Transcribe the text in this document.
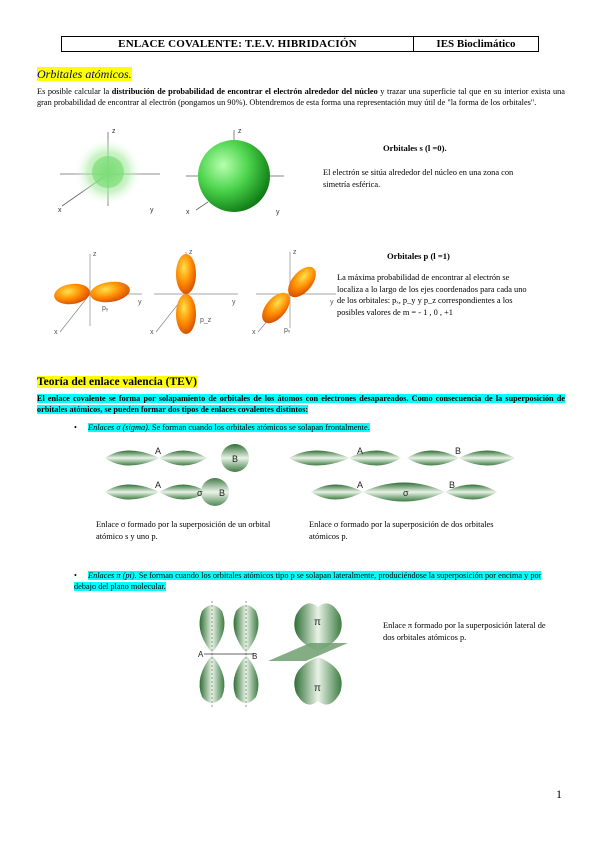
ENLACE COVALENTE: T.E.V. HIBRIDACIÓN	IES Bioclimático
Orbitales atómicos.
Es posible calcular la distribución de probabilidad de encontrar el electrón alrededor del núcleo y trazar una superficie tal que en su interior exista una gran probabilidad de encontrar al electrón (pongamos un 90%). Obtendremos de esta forma una representación muy útil de "la forma de los orbitales".
z
x	y
z
x	y
Orbitales s (l =0).
El electrón se sitúa alrededor del núcleo en una zona con simetría esférica.
z
x
y
pᵧ
z
x
y
p_z
z
x
y
pₓ
Orbitales p (l =1)
La máxima probabilidad de encontrar al electrón se localiza a lo largo de los ejes coordenados para cada uno de los orbitales: pₓ, p_y y p_z correspondientes a los posibles valores de m = - 1 , 0 , +1
Teoría del enlace valencia (TEV)
El enlace covalente se forma por solapamiento de orbitales de los átomos con electrones desapareados. Como consecuencia de la superposición de orbitales atómicos, se pueden formar dos tipos de enlaces covalentes distintos:
• Enlaces σ (sigma). Se forman cuando los orbitales atómicos se solapan frontalmente.
A
B
A
σ B
A	B
A
σ
B
Enlace σ formado por la superposición de un orbital atómico s y uno p.
Enlace σ formado por la superposición de dos orbitales atómicos p.
• Enlaces π (pi). Se forman cuando los orbitales atómicos tipo p se solapan lateralmente, produciéndose la superposición por encima y por debajo del plano molecular.
A	B
π
π
Enlace π formado por la superposición lateral de dos orbitales atómicos p.
1
